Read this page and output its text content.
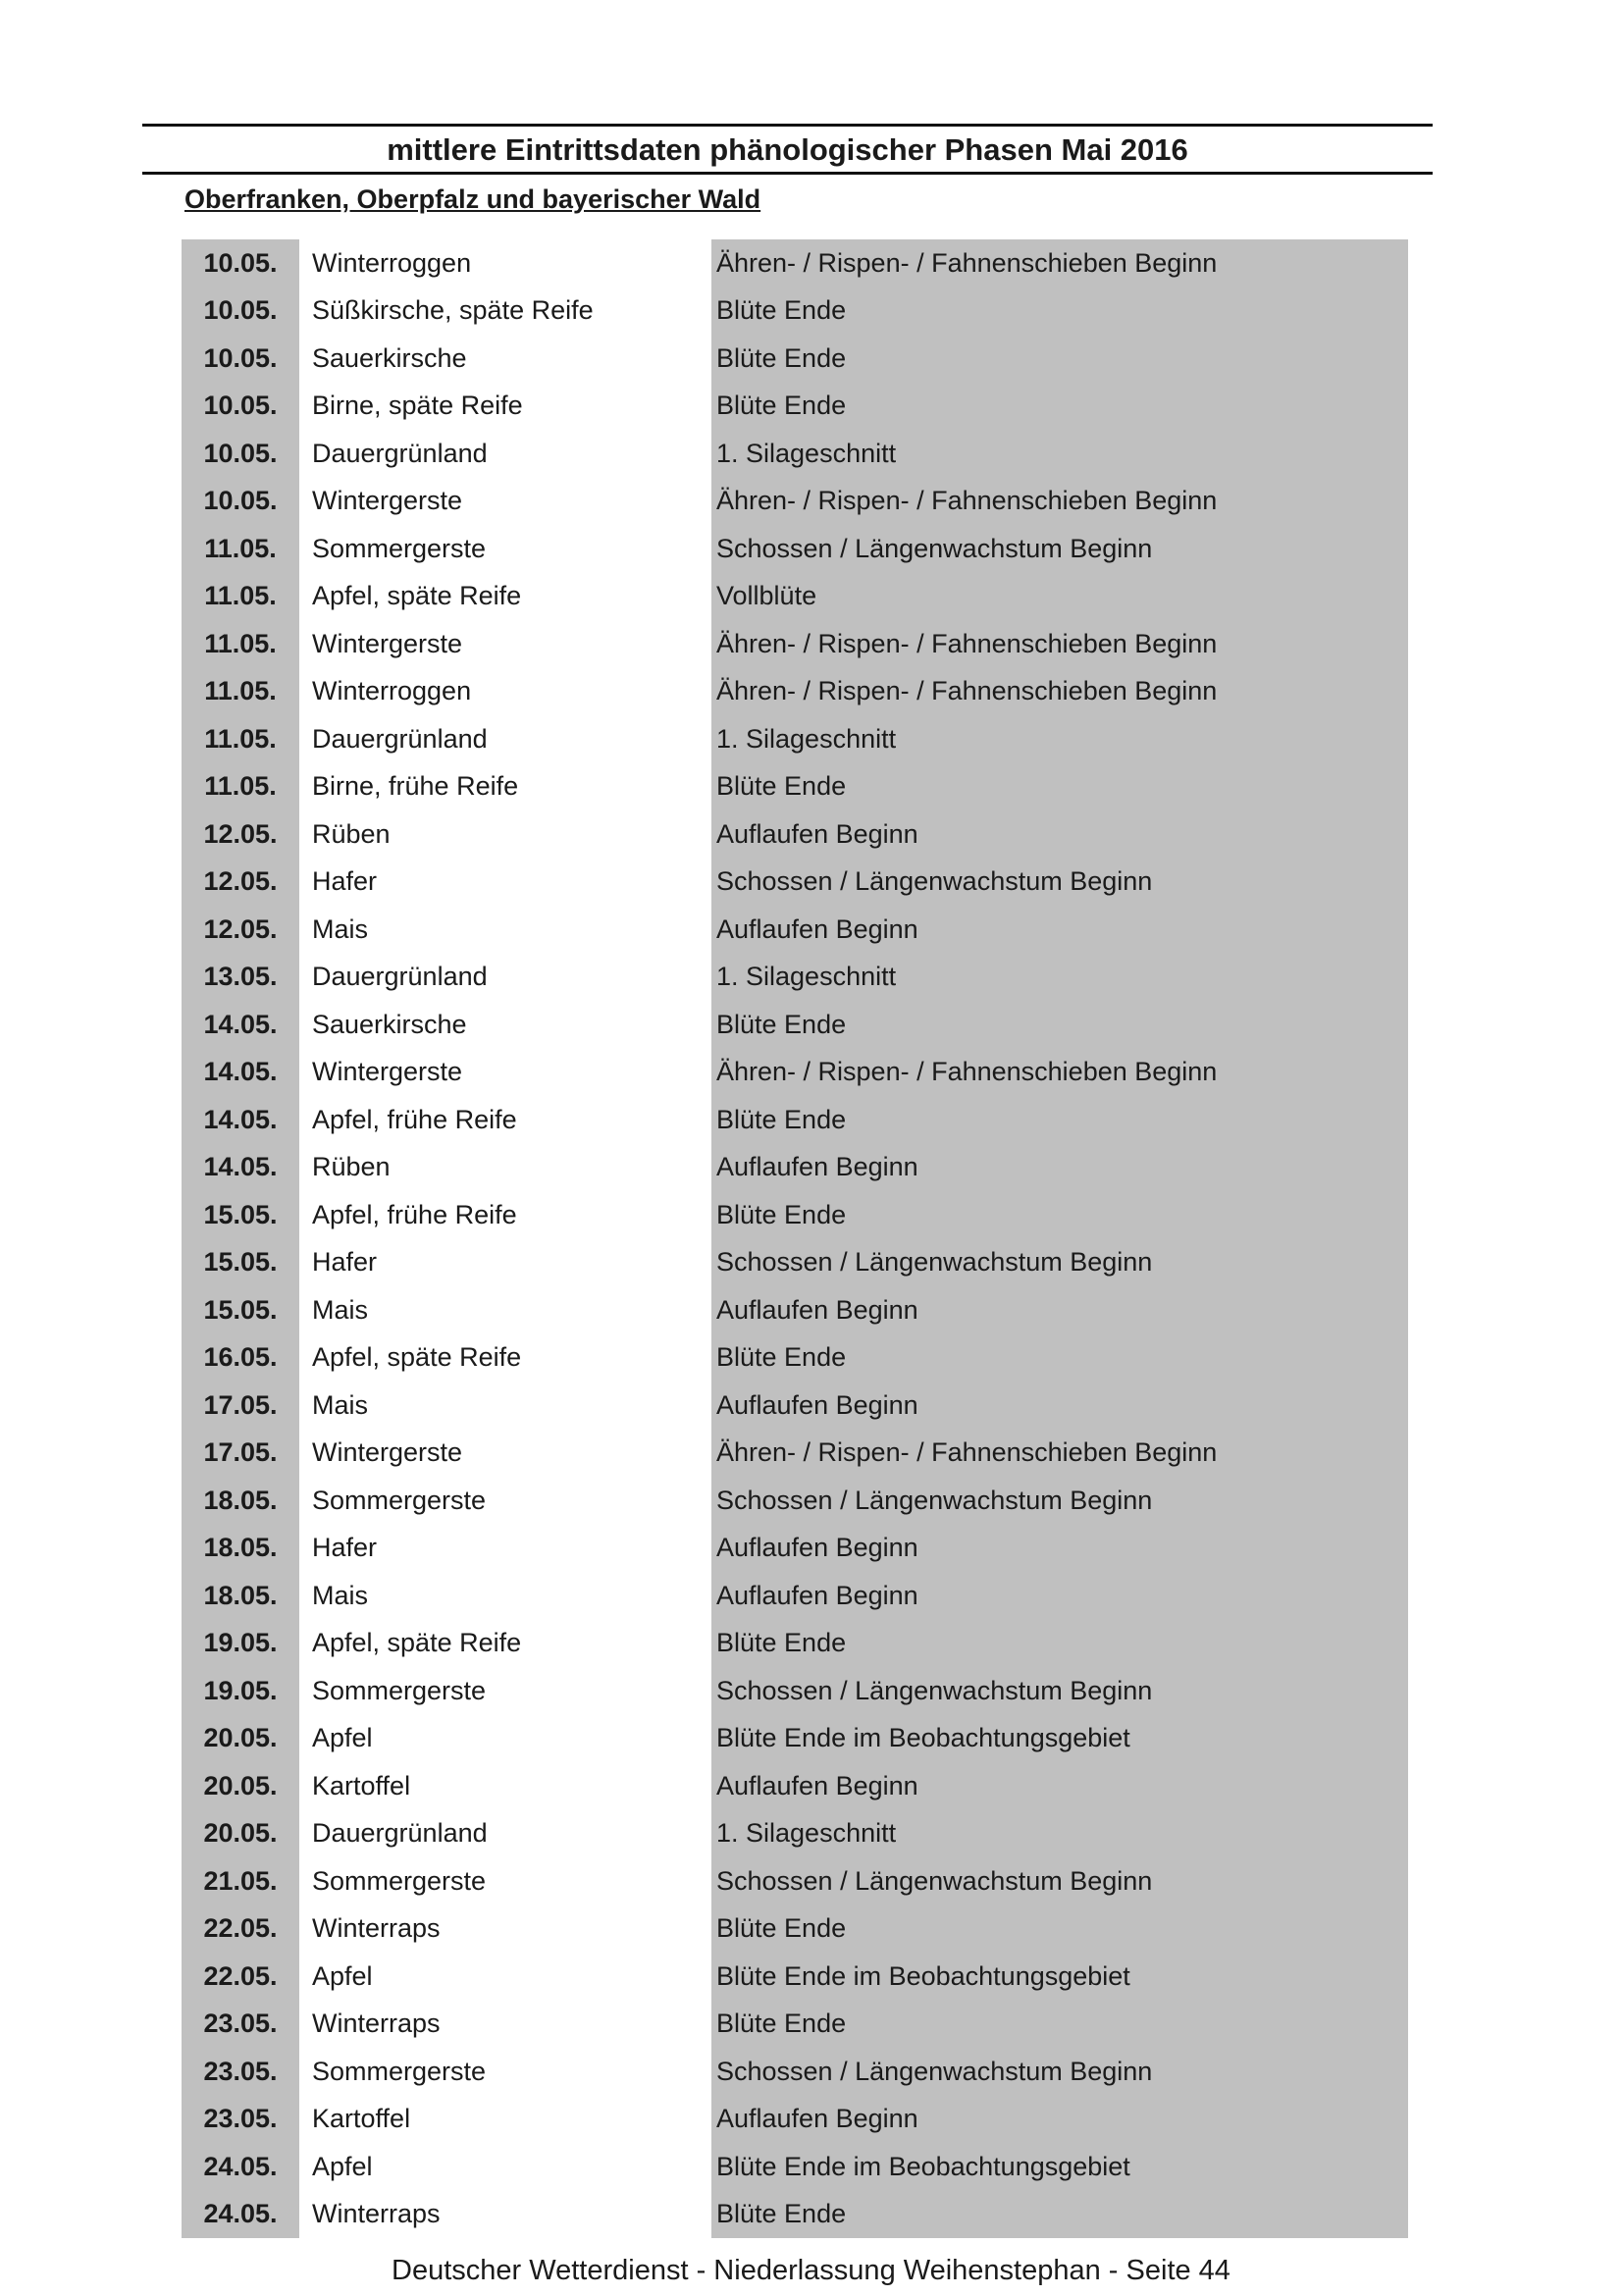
mittlere Eintrittsdaten phänologischer Phasen Mai 2016
Oberfranken, Oberpfalz und bayerischer Wald
10.05.	Winterroggen	Ähren- / Rispen- / Fahnenschieben Beginn
10.05.	Süßkirsche, späte Reife	Blüte Ende
10.05.	Sauerkirsche	Blüte Ende
10.05.	Birne, späte Reife	Blüte Ende
10.05.	Dauergrünland	1. Silageschnitt
10.05.	Wintergerste	Ähren- / Rispen- / Fahnenschieben Beginn
11.05.	Sommergerste	Schossen / Längenwachstum Beginn
11.05.	Apfel, späte Reife	Vollblüte
11.05.	Wintergerste	Ähren- / Rispen- / Fahnenschieben Beginn
11.05.	Winterroggen	Ähren- / Rispen- / Fahnenschieben Beginn
11.05.	Dauergrünland	1. Silageschnitt
11.05.	Birne, frühe Reife	Blüte Ende
12.05.	Rüben	Auflaufen Beginn
12.05.	Hafer	Schossen / Längenwachstum Beginn
12.05.	Mais	Auflaufen Beginn
13.05.	Dauergrünland	1. Silageschnitt
14.05.	Sauerkirsche	Blüte Ende
14.05.	Wintergerste	Ähren- / Rispen- / Fahnenschieben Beginn
14.05.	Apfel, frühe Reife	Blüte Ende
14.05.	Rüben	Auflaufen Beginn
15.05.	Apfel, frühe Reife	Blüte Ende
15.05.	Hafer	Schossen / Längenwachstum Beginn
15.05.	Mais	Auflaufen Beginn
16.05.	Apfel, späte Reife	Blüte Ende
17.05.	Mais	Auflaufen Beginn
17.05.	Wintergerste	Ähren- / Rispen- / Fahnenschieben Beginn
18.05.	Sommergerste	Schossen / Längenwachstum Beginn
18.05.	Hafer	Auflaufen Beginn
18.05.	Mais	Auflaufen Beginn
19.05.	Apfel, späte Reife	Blüte Ende
19.05.	Sommergerste	Schossen / Längenwachstum Beginn
20.05.	Apfel	Blüte Ende im Beobachtungsgebiet
20.05.	Kartoffel	Auflaufen Beginn
20.05.	Dauergrünland	1. Silageschnitt
21.05.	Sommergerste	Schossen / Längenwachstum Beginn
22.05.	Winterraps	Blüte Ende
22.05.	Apfel	Blüte Ende im Beobachtungsgebiet
23.05.	Winterraps	Blüte Ende
23.05.	Sommergerste	Schossen / Längenwachstum Beginn
23.05.	Kartoffel	Auflaufen Beginn
24.05.	Apfel	Blüte Ende im Beobachtungsgebiet
24.05.	Winterraps	Blüte Ende
Deutscher Wetterdienst - Niederlassung Weihenstephan - Seite 44
